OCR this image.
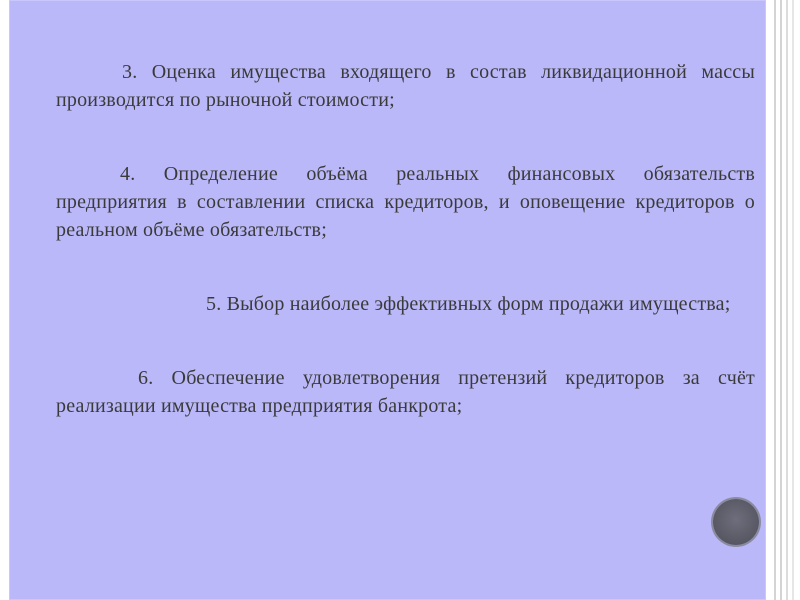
3. Оценка имущества входящего в состав ликвидационной массы производится по рыночной стоимости;

4. Определение объёма реальных финансовых обязательств предприятия в составлении списка кредиторов, и оповещение кредиторов о реальном объёме обязательств;

5. Выбор наиболее эффективных форм продажи имущества;

6. Обеспечение удовлетворения претензий кредиторов за счёт реализации имущества предприятия банкрота;
